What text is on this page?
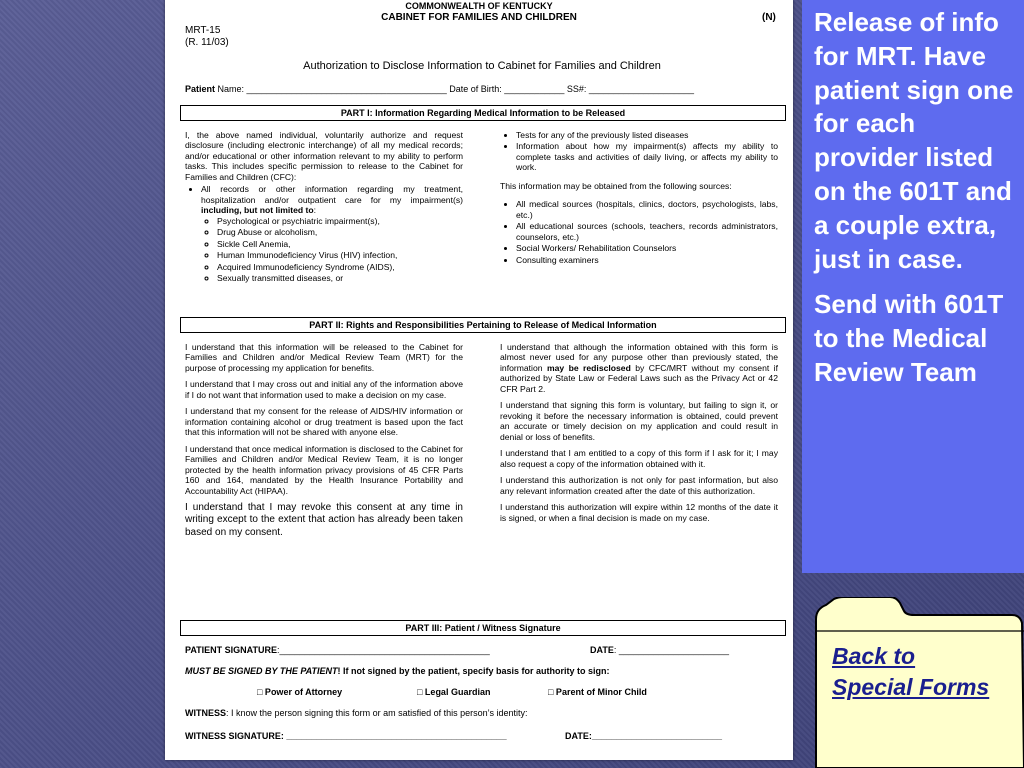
COMMONWEALTH OF KENTUCKY
CABINET FOR FAMILIES AND CHILDREN	(N)
MRT-15
(R. 11/03)
Authorization to Disclose Information to Cabinet for Families and Children
Patient Name: ________________________________________ Date of Birth: ____________ SS#: _____________________
PART I: Information Regarding Medical Information to be Released

I, the above named individual, voluntarily authorize and request disclosure (including electronic interchange) of all my medical records; and/or educational or other information relevant to my ability to perform tasks. This includes specific permission to release to the Cabinet for Families and Children (CFC):

• All records or other information regarding my treatment, hospitalization and/or outpatient care for my impairment(s) including, but not limited to:
◦ Psychological or psychiatric impairment(s),
◦ Drug Abuse or alcoholism,
◦ Sickle Cell Anemia,
◦ Human Immunodeficiency Virus (HIV) infection,
◦ Acquired Immunodeficiency Syndrome (AIDS),
◦ Sexually transmitted diseases, or
• Tests for any of the previously listed diseases
• Information about how my impairment(s) affects my ability to complete tasks and activities of daily living, or affects my ability to work.

This information may be obtained from the following sources:

• All medical sources (hospitals, clinics, doctors, psychologists, labs, etc.)
• All educational sources (schools, teachers, records administrators, counselors, etc.)
• Social Workers/ Rehabilitation Counselors
• Consulting examiners
PART II: Rights and Responsibilities Pertaining to Release of Medical Information

I understand that this information will be released to the Cabinet for Families and Children and/or Medical Review Team (MRT) for the purpose of processing my application for benefits.

I understand that I may cross out and initial any of the information above if I do not want that information used to make a decision on my case.

I understand that my consent for the release of AIDS/HIV information or information containing alcohol or drug treatment is based upon the fact that this information will not be shared with anyone else.

I understand that once medical information is disclosed to the Cabinet for Families and Children and/or Medical Review Team, it is no longer protected by the health information privacy provisions of 45 CFR Parts 160 and 164, mandated by the Health Insurance Portability and Accountability Act (HIPAA).

I understand that I may revoke this consent at any time in writing except to the extent that action has already been taken based on my consent.

I understand that although the information obtained with this form is almost never used for any purpose other than previously stated, the information may be redisclosed by CFC/MRT without my consent if authorized by State Law or Federal Laws such as the Privacy Act or 42 CFR Part 2.

I understand that signing this form is voluntary, but failing to sign it, or revoking it before the necessary information is obtained, could prevent an accurate or timely decision on my application and could result in denial or loss of benefits.

I understand that I am entitled to a copy of this form if I ask for it; I may also request a copy of the information obtained with it.

I understand this authorization is not only for past information, but also any relevant information created after the date of this authorization.

I understand this authorization will expire within 12 months of the date it is signed, or when a final decision is made on my case.

PART III: Patient / Witness Signature
PATIENT SIGNATURE:__________________________________________	DATE: ______________________
MUST BE SIGNED BY THE PATIENT! If not signed by the patient, specify basis for authority to sign:
□ Power of Attorney	□ Legal Guardian	□ Parent of Minor Child
WITNESS: I know the person signing this form or am satisfied of this person’s identity:
WITNESS SIGNATURE: ____________________________________________	DATE:__________________________

Release of info for MRT. Have patient sign one for each provider listed on the 601T and a couple extra, just in case.

Send with 601T to the Medical Review Team

Back to Special Forms
